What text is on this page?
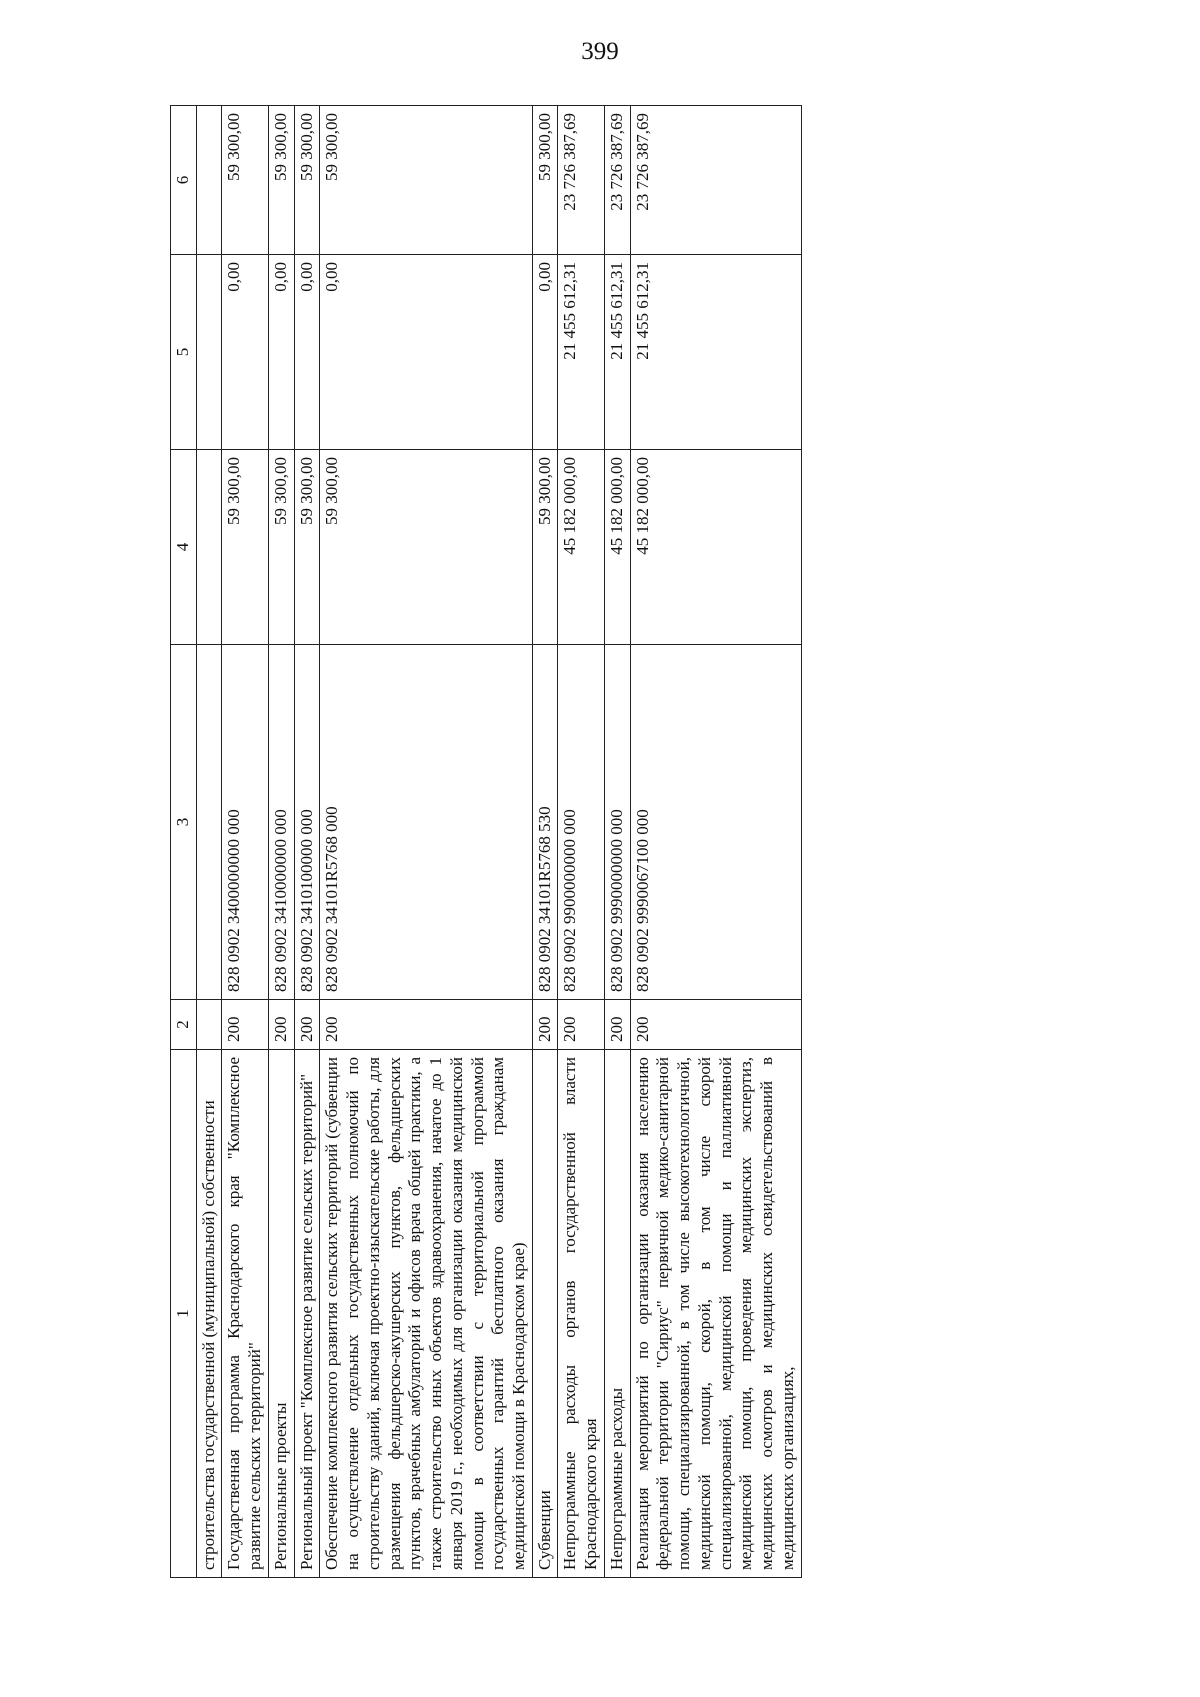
399
1	2	3	4	5	6
строительства государственной (муниципальной) собственности					
Государственная программа Краснодарского края "Комплексное развитие сельских территорий"	200	828 0902 3400000000 000	59 300,00	0,00	59 300,00
Региональные проекты	200	828 0902 3410000000 000	59 300,00	0,00	59 300,00
Региональный проект "Комплексное развитие сельских территорий"	200	828 0902 3410100000 000	59 300,00	0,00	59 300,00
Обеспечение комплексного развития сельских территорий (субвенции на осуществление отдельных государственных полномочий по строительству зданий, включая проектно-изыскательские работы, для размещения фельдшерско-акушерских пунктов, фельдшерских пунктов, врачебных амбулаторий и офисов врача общей практики, а также строительство иных объектов здравоохранения, начатое до 1 января 2019 г., необходимых для организации оказания медицинской помощи в соответствии с территориальной программой государственных гарантий бесплатного оказания гражданам медицинской помощи в Краснодарском крае)	200	828 0902 34101R5768 000	59 300,00	0,00	59 300,00
Субвенции	200	828 0902 34101R5768 530	59 300,00	0,00	59 300,00
Непрограммные расходы органов государственной власти Краснодарского края	200	828 0902 9900000000 000	45 182 000,00	21 455 612,31	23 726 387,69
Непрограммные расходы	200	828 0902 9990000000 000	45 182 000,00	21 455 612,31	23 726 387,69
Реализация мероприятий по организации оказания населению федеральной территории "Сириус" первичной медико-санитарной помощи, специализированной, в том числе высокотехнологичной, медицинской помощи, скорой, в том числе скорой специализированной, медицинской помощи и паллиативной медицинской помощи, проведения медицинских экспертиз, медицинских осмотров и медицинских освидетельствований в медицинских организациях,	200	828 0902 9990067100 000	45 182 000,00	21 455 612,31	23 726 387,69
